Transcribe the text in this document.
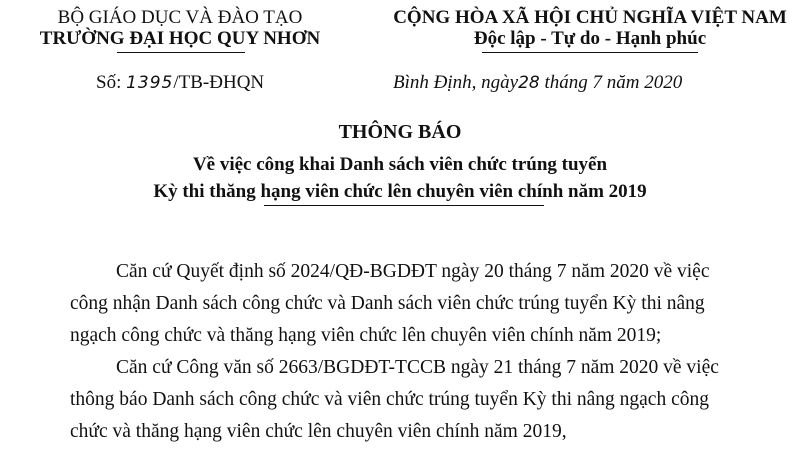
BỘ GIÁO DỤC VÀ ĐÀO TẠO
TRƯỜNG ĐẠI HỌC QUY NHƠN
CỘNG HÒA XÃ HỘI CHỦ NGHĨA VIỆT NAM
Độc lập - Tự do - Hạnh phúc
Số: 1395/TB-ĐHQN	Bình Định, ngày28 tháng 7 năm 2020
THÔNG BÁO
Về việc công khai Danh sách viên chức trúng tuyển
Kỳ thi thăng hạng viên chức lên chuyên viên chính năm 2019
Căn cứ Quyết định số 2024/QĐ-BGDĐT ngày 20 tháng 7 năm 2020 về việc
công nhận Danh sách công chức và Danh sách viên chức trúng tuyển Kỳ thi nâng
ngạch công chức và thăng hạng viên chức lên chuyên viên chính năm 2019;
Căn cứ Công văn số 2663/BGDĐT-TCCB ngày 21 tháng 7 năm 2020 về việc
thông báo Danh sách công chức và viên chức trúng tuyển Kỳ thi nâng ngạch công
chức và thăng hạng viên chức lên chuyên viên chính năm 2019,
